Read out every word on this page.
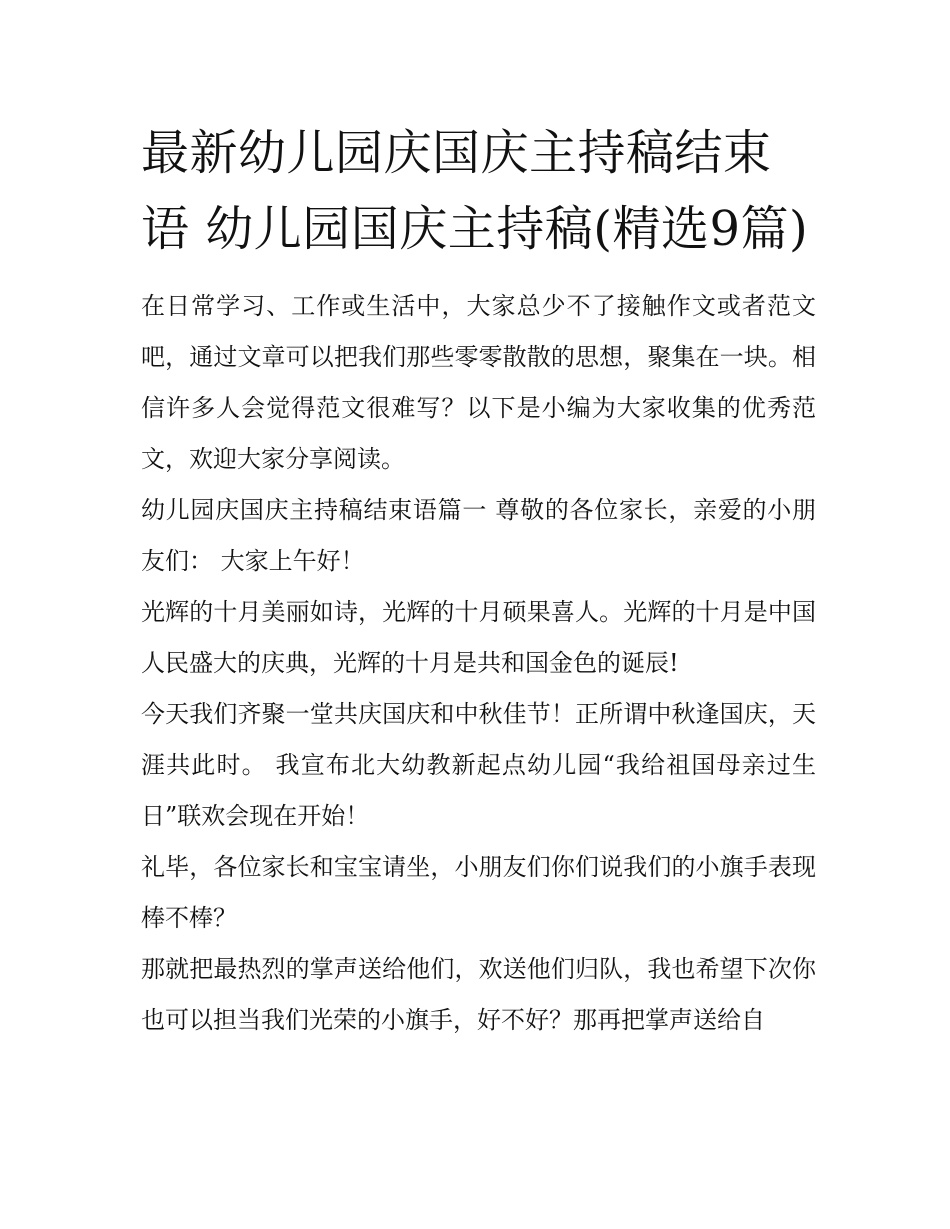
最新幼儿园庆国庆主持稿结束语 幼儿园国庆主持稿(精选9篇)

在日常学习、工作或生活中，大家总少不了接触作文或者范文吧，通过文章可以把我们那些零零散散的思想，聚集在一块。相信许多人会觉得范文很难写？以下是小编为大家收集的优秀范文，欢迎大家分享阅读。

幼儿园庆国庆主持稿结束语篇一 尊敬的各位家长，亲爱的小朋友们： 大家上午好！

光辉的十月美丽如诗，光辉的十月硕果喜人。光辉的十月是中国人民盛大的庆典，光辉的十月是共和国金色的诞辰!

今天我们齐聚一堂共庆国庆和中秋佳节！正所谓中秋逢国庆，天涯共此时。 我宣布北大幼教新起点幼儿园“我给祖国母亲过生日”联欢会现在开始！

礼毕，各位家长和宝宝请坐，小朋友们你们说我们的小旗手表现棒不棒？

那就把最热烈的掌声送给他们，欢送他们归队，我也希望下次你也可以担当我们光荣的小旗手，好不好？那再把掌声送给自
